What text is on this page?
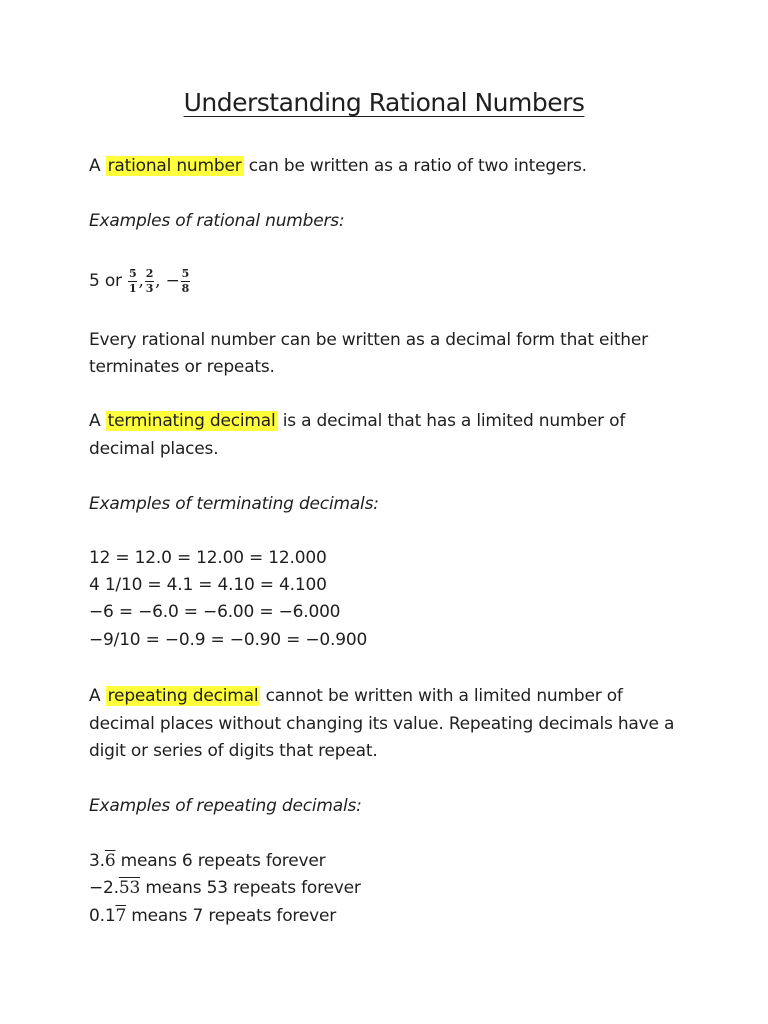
Understanding Rational Numbers
A rational number can be written as a ratio of two integers.
Examples of rational numbers:
5 or $\frac{5}{1}$ , $\frac{2}{3}$ , − $\frac{5}{8}$
Every rational number can be written as a decimal form that either
terminates or repeats.
A terminating decimal is a decimal that has a limited number of
decimal places.
Examples of terminating decimals:
12 = 12.0 = 12.00 = 12.000
4 1/10 = 4.1 = 4.10 = 4.100
−6 = −6.0 = −6.00 = −6.000
−9/10 = −0.9 = −0.90 = −0.900
A repeating decimal cannot be written with a limited number of
decimal places without changing its value. Repeating decimals have a
digit or series of digits that repeat.
Examples of repeating decimals:
3.6 means 6 repeats forever
−2.53 means 53 repeats forever
0.17 means 7 repeats forever
